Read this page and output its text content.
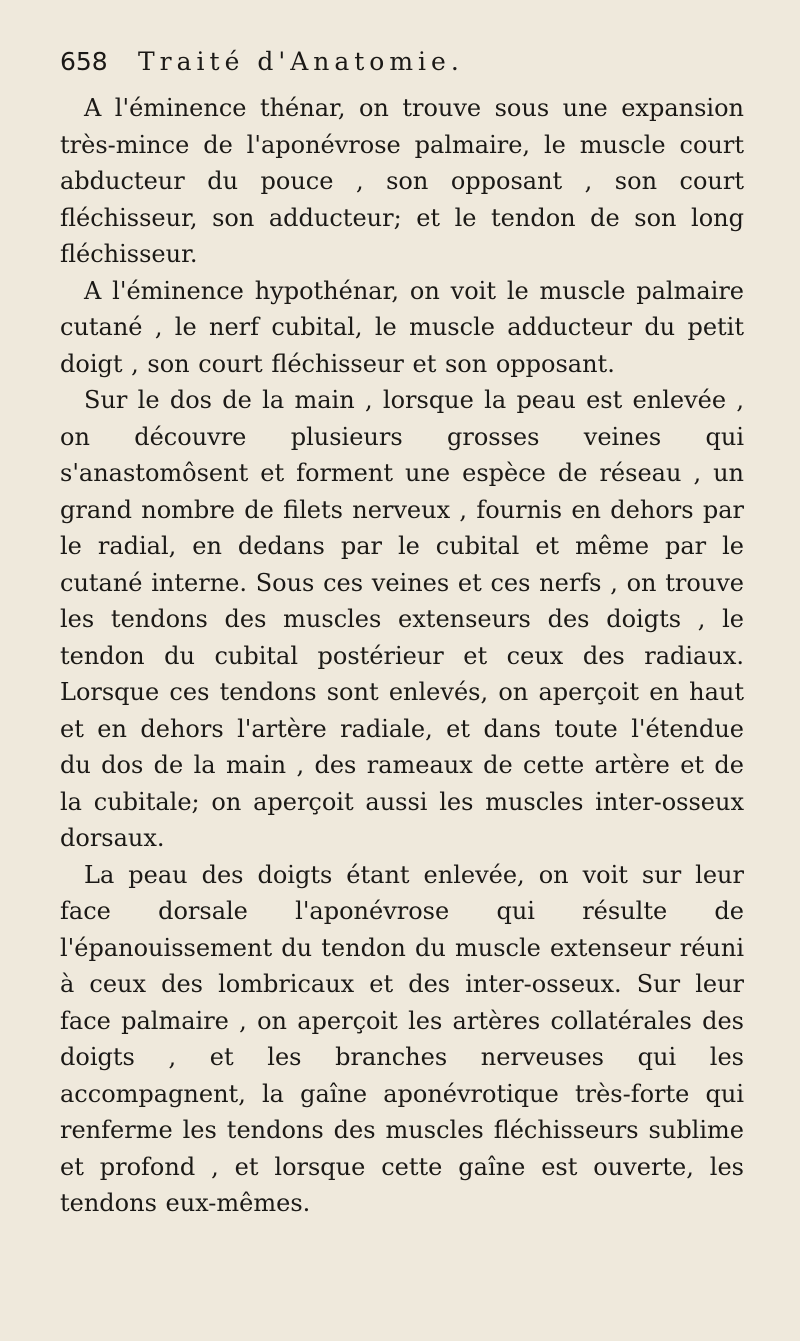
658	Traité d'Anatomie.

A l'éminence thénar, on trouve sous une expansion très-mince de l'aponévrose palmaire, le muscle court abducteur du pouce , son opposant , son court fléchisseur, son adducteur; et le tendon de son long fléchisseur.

A l'éminence hypothénar, on voit le muscle palmaire cutané , le nerf cubital, le muscle adducteur du petit doigt , son court fléchisseur et son opposant.

Sur le dos de la main , lorsque la peau est enlevée , on découvre plusieurs grosses veines qui s'anastomôsent et forment une espèce de réseau , un grand nombre de filets nerveux , fournis en dehors par le radial, en dedans par le cubital et même par le cutané interne. Sous ces veines et ces nerfs , on trouve les tendons des muscles extenseurs des doigts , le tendon du cubital postérieur et ceux des radiaux. Lorsque ces tendons sont enlevés, on aperçoit en haut et en dehors l'artère radiale, et dans toute l'étendue du dos de la main , des rameaux de cette artère et de la cubitale; on aperçoit aussi les muscles inter-osseux dorsaux.

La peau des doigts étant enlevée, on voit sur leur face dorsale l'aponévrose qui résulte de l'épanouissement du tendon du muscle extenseur réuni à ceux des lombricaux et des inter-osseux. Sur leur face palmaire , on aperçoit les artères collatérales des doigts , et les branches nerveuses qui les accompagnent, la gaîne aponévrotique très-forte qui renferme les tendons des muscles fléchisseurs sublime et profond , et lorsque cette gaîne est ouverte, les tendons eux-mêmes.
